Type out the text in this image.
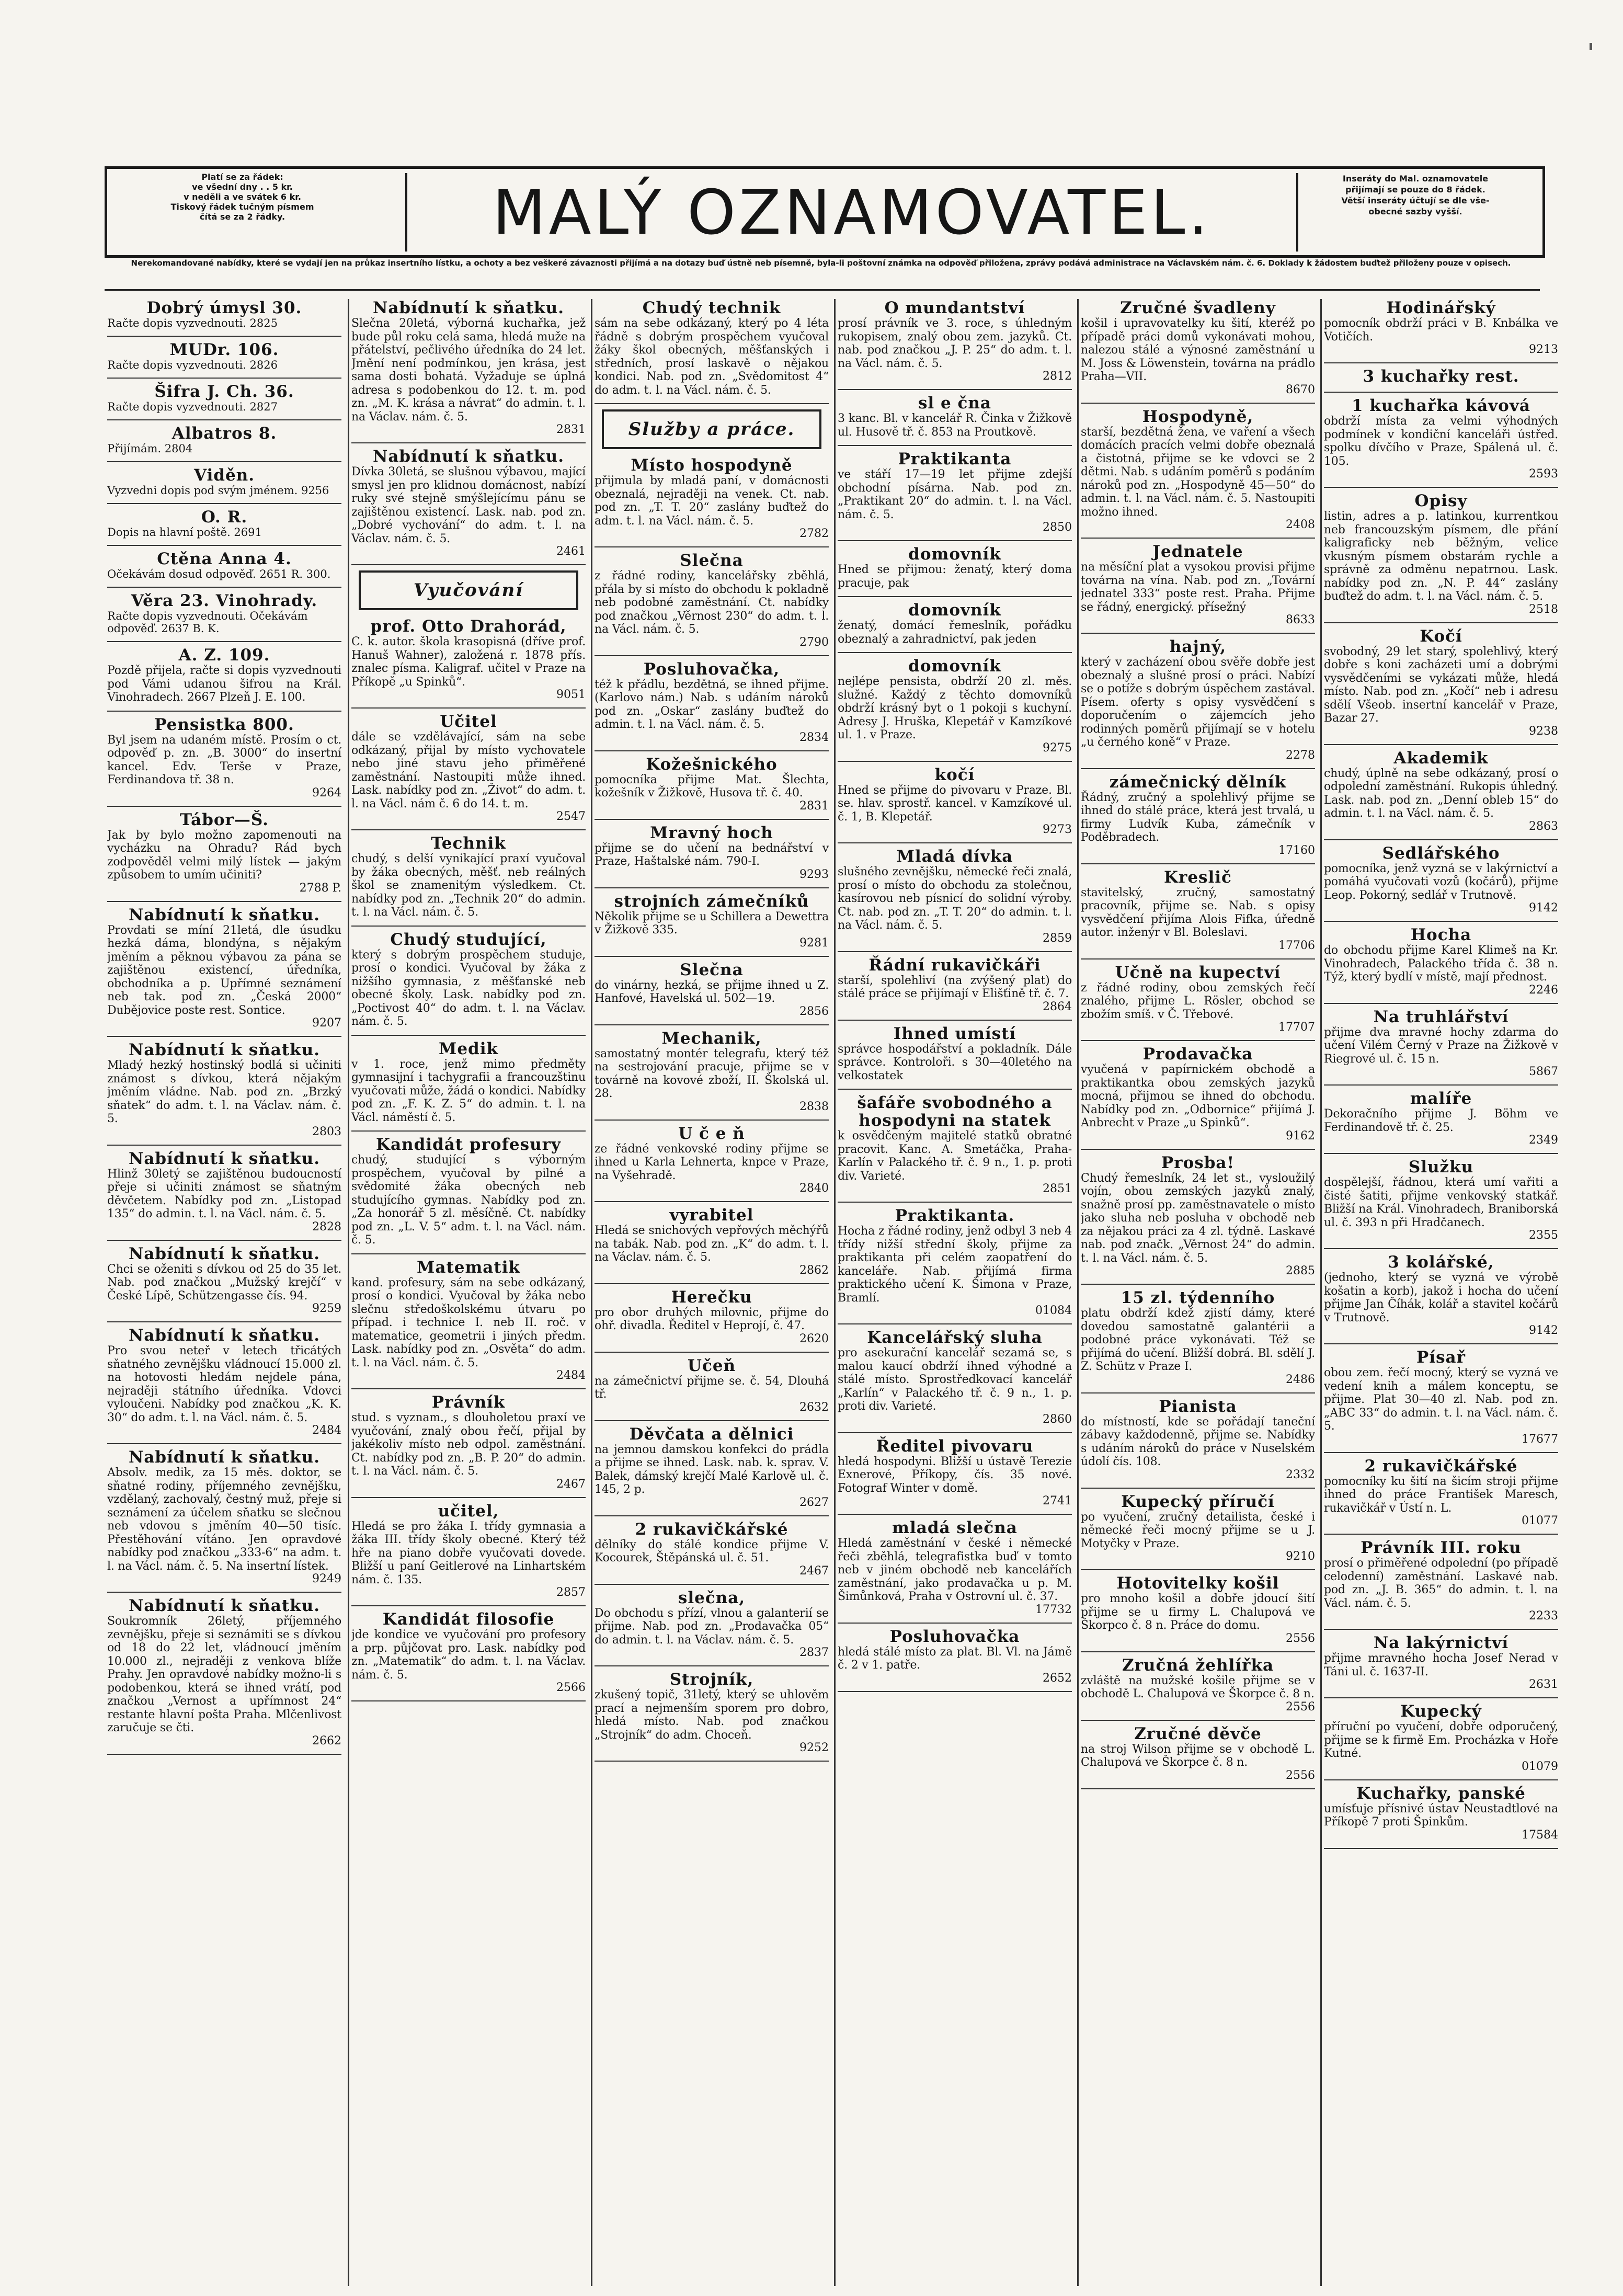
Platí se za řádek:
ve všední dny . . 5 kr.
v neděli a ve svátek 6 kr.
Tiskový řádek tučným písmem
čítá se za 2 řádky.	MALÝ OZNAMOVATEL.	Inseráty do Mal. oznamovatele
přijímají se pouze do 8 řádek.
Větší inseráty účtují se dle vše-
obecné sazby vyšší.
Nerekomandované nabídky, které se vydají jen na průkaz insertního lístku, a ochoty a bez veškeré závaznosti přijímá a na dotazy buď ústně neb písemně, byla-li poštovní známka na odpověď přiložena, zprávy podává administrace na Václavském nám. č. 6. Doklady k žádostem buďtež přiloženy pouze v opisech.
Dobrý úmysl 30.
Račte dopis vyzvednouti. 2825
MUDr. 106.
Račte dopis vyzvednouti. 2826
Šifra J. Ch. 36.
Račte dopis vyzvednouti. 2827
Albatros 8.
Přijímám. 2804
Viděn.
Vyzvedni dopis pod svým jménem. 9256
O. R.
Dopis na hlavní poště. 2691
Ctěna Anna 4.
Očekávám dosud odpověď. 2651 R. 300.
Věra 23. Vinohrady.
Račte dopis vyzvednouti. Očekávám odpověď. 2637 B. K.
A. Z. 109.

Pozdě přijela, račte si dopis vyzvednouti pod Vámi udanou šifrou na Král. Vinohradech. 2667 Plzeň J. E. 100.

Pensistka 800.

Byl jsem na udaném místě. Prosím o ct. odpověď p. zn. „B. 3000“ do insertní kancel. Edv. Terše v Praze, Ferdinandova tř. 38 n.

9264
Tábor—Š.

Jak by bylo možno zapomenouti na vycházku na Ohradu? Rád bych zodpověděl velmi milý lístek — jakým způsobem to umím učiniti?

2788 P.
Nabídnutí k sňatku.

Provdati se míní 21letá, dle úsudku hezká dáma, blondýna, s nějakým jměním a pěknou výbavou za pána se zajištěnou existencí, úředníka, obchodníka a p. Upřímné seznámení neb tak. pod zn. „Česká 2000“ Dubějovice poste rest. Sontice.

9207
Nabídnutí k sňatku.

Mladý hezký hostinský bodlá si učiniti známost s dívkou, která nějakým jměním vládne. Nab. pod zn. „Brzký sňatek“ do adm. t. l. na Václav. nám. č. 5.

2803
Nabídnutí k sňatku.

Hlinž 30letý se zajištěnou budoucností přeje si učiniti známost se sňatným děvčetem. Nabídky pod zn. „Listopad 135“ do admin. t. l. na Václ. nám. č. 5.

2828
Nabídnutí k sňatku.

Chci se oženiti s dívkou od 25 do 35 let. Nab. pod značkou „Mužský krejčí“ v České Lípě, Schützengasse čís. 94.

9259
Nabídnutí k sňatku.

Pro svou neteř v letech třicátých sňatného zevnějšku vládnoucí 15.000 zl. na hotovosti hledám nejdele pána, nejraději státního úředníka. Vdovci vyloučeni. Nabídky pod značkou „K. K. 30“ do adm. t. l. na Václ. nám. č. 5.

2484
Nabídnutí k sňatku.

Absolv. medik, za 15 měs. doktor, se sňatné rodiny, příjemného zevnějšku, vzdělaný, zachovalý, čestný muž, přeje si seznámení za účelem sňatku se slečnou neb vdovou s jměním 40—50 tisíc. Přestěhování vítáno. Jen opravdové nabídky pod značkou „333-6“ na adm. t. l. na Václ. nám. č. 5. Na insertní lístek.

9249
Nabídnutí k sňatku.

Soukromník 26letý, příjemného zevnějšku, přeje si seznámiti se s dívkou od 18 do 22 let, vládnoucí jměním 10.000 zl., nejraději z venkova blíže Prahy. Jen opravdové nabídky možno-li s podobenkou, která se ihned vrátí, pod značkou „Vernost a upřímnost 24“ restante hlavní pošta Praha. Mlčenlivost zaručuje se čti.

2662
Nabídnutí k sňatku.

Slečna 20letá, výborná kuchařka, jež bude půl roku celá sama, hledá muže na přátelství, pečlivého úředníka do 24 let. Jmění není podmínkou, jen krása, jest sama dosti bohatá. Vyžaduje se úplná adresa s podobenkou do 12. t. m. pod zn. „M. K. krása a návrat“ do admin. t. l. na Václav. nám. č. 5.

2831
Nabídnutí k sňatku.

Dívka 30letá, se slušnou výbavou, mající smysl jen pro klidnou domácnost, nabízí ruky své stejně smýšlejícímu pánu se zajištěnou existencí. Lask. nab. pod zn. „Dobré vychování“ do adm. t. l. na Václav. nám. č. 5.

2461
Vyučování
prof. Otto Drahorád,

C. k. autor. škola krasopisná (dříve prof. Hanuš Wahner), založená r. 1878 přís. znalec písma. Kaligraf. učitel v Praze na Příkopě „u Spinků“.

9051
Učitel

dále se vzdělávající, sám na sebe odkázaný, přijal by místo vychovatele nebo jiné stavu jeho přiměřené zaměstnání. Nastoupiti může ihned. Lask. nabídky pod zn. „Život“ do adm. t. l. na Václ. nám č. 6 do 14. t. m.

2547
Technik

chudý, s delší vynikající praxí vyučoval by žáka obecných, měšť. neb reálných škol se znamenitým výsledkem. Ct. nabídky pod zn. „Technik 20“ do admin. t. l. na Václ. nám. č. 5.

Chudý studující,

který s dobrým prospěchem studuje, prosí o kondici. Vyučoval by žáka z nižšího gymnasia, z měšťanské neb obecné školy. Lask. nabídky pod zn. „Poctivost 40“ do adm. t. l. na Václav. nám. č. 5.

Medik

v 1. roce, jenž mimo předměty gymnasijní i tachygrafii a francouzštinu vyučovati může, žádá o kondici. Nabídky pod zn. „F. K. Z. 5“ do admin. t. l. na Václ. náměstí č. 5.

Kandidát profesury

chudý, studující s výborným prospěchem, vyučoval by pilné a svědomité žáka obecných neb studujícího gymnas. Nabídky pod zn. „Za honorář 5 zl. měsíčně. Ct. nabídky pod zn. „L. V. 5“ adm. t. l. na Václ. nám. č. 5.

Matematik

kand. profesury, sám na sebe odkázaný, prosí o kondici. Vyučoval by žáka nebo slečnu středoškolskému útvaru po případ. i technice I. neb II. roč. v matematice, geometrii i jiných předm. Lask. nabídky pod zn. „Osvěta“ do adm. t. l. na Václ. nám. č. 5.

2484
Právník

stud. s vyznam., s dlouholetou praxí ve vyučování, znalý obou řečí, přijal by jakékoliv místo neb odpol. zaměstnání. Ct. nabídky pod zn. „B. P. 20“ do admin. t. l. na Václ. nám. č. 5.

2467
učitel,

Hledá se pro žáka I. třídy gymnasia a žáka III. třídy školy obecné. Který též hře na piano dobře vyučovati dovede. Bližší u paní Geitlerové na Linhartském nám. č. 135.

2857
Kandidát filosofie

jde kondice ve vyučování pro profesory a prp. půjčovat pro. Lask. nabídky pod zn. „Matematik“ do adm. t. l. na Václav. nám. č. 5.

2566
Chudý technik

sám na sebe odkázaný, který po 4 léta řádně s dobrým prospěchem vyučoval žáky škol obecných, měšťanských i středních, prosí laskavě o nějakou kondici. Nab. pod zn. „Svědomitost 4“ do adm. t. l. na Václ. nám. č. 5.

Služby a práce.
Místo hospodyně

přijmula by mladá paní, v domácnosti obeznalá, nejraději na venek. Ct. nab. pod zn. „T. T. 20“ zaslány buďtež do adm. t. l. na Václ. nám. č. 5.

2782
Slečna

z řádné rodiny, kancelářsky zběhlá, přála by si místo do obchodu k pokladně neb podobné zaměstnání. Ct. nabídky pod značkou „Věrnost 230“ do adm. t. l. na Václ. nám. č. 5.

2790
Posluhovačka,

též k přádlu, bezdětná, se ihned přijme. (Karlovo nám.) Nab. s udáním nároků pod zn. „Oskar“ zaslány buďtež do admin. t. l. na Václ. nám. č. 5.

2834
Kožešnického

pomocníka přijme Mat. Šlechta, kožešník v Žižkově, Husova tř. č. 40.

2831
Mravný hoch

přijme se do učení na bednářství v Praze, Haštalské nám. 790-I.

9293
strojních zámečníků

Několik přijme se u Schillera a Dewettra v Žižkově 335.

9281
Slečna

do vinárny, hezká, se přijme ihned u Z. Hanfové, Havelská ul. 502—19.

2856
Mechanik,

samostatný montér telegrafu, který též na sestrojování pracuje, přijme se v továrně na kovové zboží, II. Školská ul. 28.

2838
U č e ň

ze řádné venkovské rodiny přijme se ihned u Karla Lehnerta, knpce v Praze, na Vyšehradě.

2840
vyrabitel

Hledá se snichových vepřových měchýřů na tabák. Nab. pod zn. „K“ do adm. t. l. na Václav. nám. č. 5.

2862
Herečku

pro obor druhých milovnic, přijme do ohř. divadla. Ředitel v Heprojí, č. 47.

2620
Učeň

na zámečnictví přijme se. č. 54, Dlouhá tř.

2632
Děvčata a dělnici

na jemnou damskou konfekci do prádla a přijme se ihned. Lask. nab. k. sprav. V. Balek, dámský krejčí Malé Karlově ul. č. 145, 2 p.

2627
2 rukavičkářské

dělníky do stálé kondice přijme V. Kocourek, Štěpánská ul. č. 51.

2467
slečna,

Do obchodu s přízí, vlnou a galanterií se přijme. Nab. pod zn. „Prodavačka 05“ do admin. t. l. na Václav. nám. č. 5.

2837
Strojník,

zkušený topič, 31letý, který se uhlověm prací a nejmenším sporem pro dobro, hledá místo. Nab. pod značkou „Strojník“ do adm. Choceň.

9252
O mundantství

prosí právník ve 3. roce, s úhledným rukopisem, znalý obou zem. jazyků. Ct. nab. pod značkou „J. P. 25“ do adm. t. l. na Václ. nám. č. 5.

2812
sl e čna

3 kanc. Bl. v kancelář R. Činka v Žižkově ul. Husově tř. č. 853 na Proutkově.

Praktikanta

ve stáří 17—19 let přijme zdejší obchodní písárna. Nab. pod zn. „Praktikant 20“ do admin. t. l. na Václ. nám. č. 5.

2850
domovník

Hned se přijmou: ženatý, který doma pracuje, pak

domovník

ženatý, domácí řemeslník, pořádku obeznalý a zahradnictví, pak jeden

domovník

nejlépe pensista, obdrží 20 zl. měs. služné. Každý z těchto domovníků obdrží krásný byt o 1 pokoji s kuchyní. Adresy J. Hruška, Klepetář v Kamzíkové ul. 1. v Praze.

9275
kočí

Hned se přijme do pivovaru v Praze. Bl. se. hlav. sprostř. kancel. v Kamzíkové ul. č. 1, B. Klepetář.

9273
Mladá dívka

slušného zevnějšku, německé řeči znalá, prosí o místo do obchodu za stolečnou, kasírovou neb písnicí do solidní výroby. Ct. nab. pod zn. „T. T. 20“ do admin. t. l. na Václ. nám. č. 5.

2859
Řádní rukavičkáři

starší, spolehliví (na zvýšený plat) do stálé práce se přijímají v Elišťině tř. č. 7.

2864
Ihned umístí

správce hospodářství a pokladník. Dále správce. Kontroloři. s 30—40letého na velkostatek

šafáře svobodného a hospodyni na statek

k osvědčeným majitelé statků obratné pracovit. Kanc. A. Smetáčka, Praha-Karlín v Palackého tř. č. 9 n., 1. p. proti div. Varieté.

2851
Praktikanta.

Hocha z řádné rodiny, jenž odbyl 3 neb 4 třídy nižší střední školy, přijme za praktikanta při celém zaopatření do kanceláře. Nab. přijímá firma praktického učení K. Šimona v Praze, Bramlí.

01084
Kancelářský sluha

pro asekurační kancelář sezamá se, s malou kaucí obdrží ihned výhodné a stálé místo. Sprostředkovací kancelář „Karlín“ v Palackého tř. č. 9 n., 1. p. proti div. Varieté.

2860
Ředitel pivovaru

hledá hospodyni. Bližší u ústavě Terezie Exnerové, Příkopy, čís. 35 nové. Fotograf Winter v domě.

2741
mladá slečna

Hledá zaměstnání v české i německé řeči zběhlá, telegrafistka buď v tomto neb v jiném obchodě neb kancelářích zaměstnání, jako prodavačka u p. M. Šimůnková, Praha v Ostrovní ul. č. 37.

17732
Posluhovačka

hledá stálé místo za plat. Bl. Vl. na Jámě č. 2 v 1. patře.

2652
Zručné švadleny

košil i upravovatelky ku šití, kteréž po případě práci domů vykonávati mohou, nalezou stálé a výnosné zaměstnání u M. Joss & Löwenstein, továrna na prádlo Praha—VII.

8670
Hospodyně,

starší, bezdětná žena, ve vaření a všech domácích pracích velmi dobře obeznalá a čistotná, přijme se ke vdovci se 2 dětmi. Nab. s udáním poměrů s podáním nároků pod zn. „Hospodyně 45—50“ do admin. t. l. na Václ. nám. č. 5. Nastoupiti možno ihned.

2408
Jednatele

na měsíční plat a vysokou provisi přijme továrna na vína. Nab. pod zn. „Tovární jednatel 333“ poste rest. Praha. Přijme se řádný, energický. přísežný

8633
hajný,

který v zacházení obou svěře dobře jest obeznalý a slušné prosí o práci. Nabízí se o potíže s dobrým úspěchem zastával. Písem. oferty s opisy vysvědčení s doporučením o zájemcích jeho rodinných poměrů přijímají se v hotelu „u černého koně“ v Praze.

2278
zámečnický dělník

Řádný, zručný a spolehlivý přijme se ihned do stálé práce, která jest trvalá, u firmy Ludvík Kuba, zámečník v Poděbradech.

17160
Kreslič

stavitelský, zručný, samostatný pracovník, přijme se. Nab. s opisy vysvědčení přijíma Alois Fifka, úředně autor. inženýr v Bl. Boleslavi.

17706
Učně na kupectví

z řádné rodiny, obou zemských řečí znalého, přijme L. Rösler, obchod se zbožím smíš. v Č. Třebové.

17707
Prodavačka

vyučená v papírnickém obchodě a praktikantka obou zemských jazyků mocná, přijmou se ihned do obchodu. Nabídky pod zn. „Odbornice“ přijímá J. Anbrecht v Praze „u Spinků“.

9162
Prosba!

Chudý řemeslník, 24 let st., vysloužilý vojín, obou zemských jazyků znalý, snažně prosí pp. zaměstnavatele o místo jako sluha neb posluha v obchodě neb za nějakou práci za 4 zl. týdně. Laskavé nab. pod značk. „Věrnost 24“ do admin. t. l. na Václ. nám. č. 5.

2885
15 zl. týdenního

platu obdrží kdež zjistí dámy, které dovedou samostatně galantérii a podobné práce vykonávati. Též se přijímá do učení. Bližší dobrá. Bl. sdělí J. Z. Schütz v Praze I.

2486
Pianista

do místností, kde se pořádají taneční zábavy každodenně, přijme se. Nabídky s udáním nároků do práce v Nuselském údolí čís. 108.

2332
Kupecký příručí

po vyučení, zručný detailista, české i německé řeči mocný přijme se u J. Motyčky v Praze.

9210
Hotovitelky košil

pro mnoho košil a dobře jdoucí šití přijme se u firmy L. Chalupová ve Škorpco č. 8 n. Práce do domu.

2556
Zručná žehlířka

zvláště na mužské košile přijme se v obchodě L. Chalupová ve Škorpce č. 8 n.

2556
Zručné děvče

na stroj Wilson přijme se v obchodě L. Chalupová ve Škorpce č. 8 n.

2556
Hodinářský

pomocník obdrží práci v B. Knbálka ve Votičích.

9213
3 kuchařky rest.
1 kuchařka kávová

obdrží místa za velmi výhodných podmínek v kondiční kanceláři ústřed. spolku dívčího v Praze, Spálená ul. č. 105.

2593
Opisy

listin, adres a p. latinkou, kurrentkou neb francouzským písmem, dle přání kaligraficky neb běžným, velice vkusným písmem obstarám rychle a správně za odměnu nepatrnou. Lask. nabídky pod zn. „N. P. 44“ zaslány buďtež do adm. t. l. na Václ. nám. č. 5.

2518
Kočí

svobodný, 29 let starý, spolehlivý, který dobře s koni zacházeti umí a dobrými vysvědčeními se vykázati může, hledá místo. Nab. pod zn. „Kočí“ neb i adresu sdělí Všeob. insertní kancelář v Praze, Bazar 27.

9238
Akademik

chudý, úplně na sebe odkázaný, prosí o odpolední zaměstnání. Rukopis úhledný. Lask. nab. pod zn. „Denní obleb 15“ do admin. t. l. na Václ. nám. č. 5.

2863
Sedlářského

pomocníka, jenž vyzná se v lakýrnictví a pomáhá vyučovati vozů (kočárů), přijme Leop. Pokorný, sedlář v Trutnově.

9142
Hocha

do obchodu přijme Karel Klimeš na Kr. Vinohradech, Palackého třída č. 38 n. Týž, který bydlí v místě, mají přednost.

2246
Na truhlářství

přijme dva mravné hochy zdarma do učení Vilém Černý v Praze na Žižkově v Riegrové ul. č. 15 n.

5867
malíře

Dekoračního přijme J. Böhm ve Ferdinandově tř. č. 25.

2349
Služku

dospělejší, řádnou, která umí vařiti a čisté šatiti, přijme venkovský statkář. Bližší na Král. Vinohradech, Braniborská ul. č. 393 n při Hradčanech.

2355
3 kolářské,

(jednoho, který se vyzná ve výrobě košatin a korb), jakož i hocha do učení přijme Jan Číhák, kolář a stavitel kočárů v Trutnově.

9142
Písař

obou zem. řečí mocný, který se vyzná ve vedení knih a málem konceptu, se přijme. Plat 30—40 zl. Nab. pod zn. „ABC 33“ do admin. t. l. na Václ. nám. č. 5.

17677
2 rukavičkářské

pomocníky ku šití na šicím stroji přijme ihned do práce František Maresch, rukavičkář v Ústí n. L.

01077
Právník III. roku

prosí o přiměřené odpolední (po případě celodenní) zaměstnání. Laskavé nab. pod zn. „J. B. 365“ do admin. t. l. na Václ. nám. č. 5.

2233
Na lakýrnictví

přijme mravného hocha Josef Nerad v Táni ul. č. 1637-II.

2631
Kupecký

příruční po vyučení, dobře odporučený, přijme se k firmě Em. Procházka v Hoře Kutné.

01079
Kuchařky, panské

umísťuje přísnivé ústav Neustadtlové na Příkopě 7 proti Špinkům.

17584
